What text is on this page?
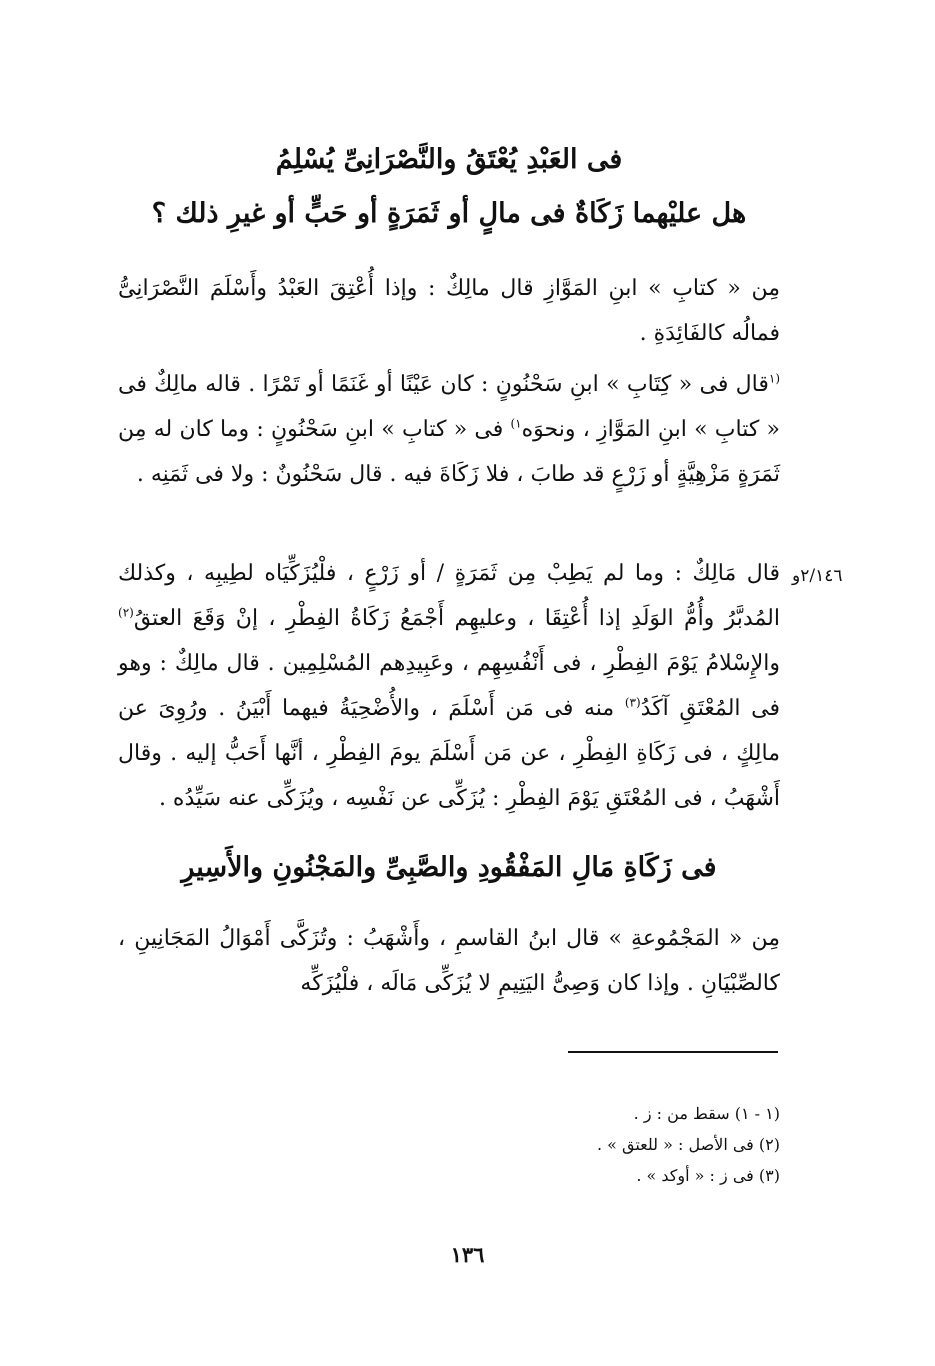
فى العَبْدِ يُعْتَقُ والنَّصْرَانِىِّ يُسْلِمُ
هل عليْهما زَكَاةٌ فى مالٍ أو ثَمَرَةٍ أو حَبٍّ أو غيرِ ذلك ؟
مِن « كتابِ » ابنِ المَوَّازِ قال مالِكٌ : وإذا أُعْتِقَ العَبْدُ وأَسْلَمَ النَّصْرَانِىُّ فمالُه كالفَائِدَةِ .
$^{(١}$قال فى « كِتَابِ » ابنِ سَحْنُونٍ : كان عَيْنًا أو غَنَمًا أو تَمْرًا . قاله مالِكٌ فى « كتابِ » ابنِ المَوَّازِ ، ونحوَه$^{١)}$ فى « كتابِ » ابنِ سَحْنُونٍ : وما كان له مِن ثَمَرَةٍ مَزْهِيَّةٍ أو زَرْعٍ قد طابَ ، فلا زَكَاةَ فيه . قال سَحْنُونٌ : ولا فى ثَمَنِه .
٢/١٤٦و
قال مَالِكٌ : وما لم يَطِبْ مِن ثَمَرَةٍ / أو زَرْعٍ ، فلْيُزَكِّيَاه لطِيبِه ، وكذلك المُدبَّرُ وأُمُّ الوَلَدِ إذا أُعْتِقَا ، وعليهِم أَجْمَعُ زَكَاةُ الفِطْرِ ، إنْ وَقَعَ العتقُ$^{(٢)}$ والإِسْلامُ يَوْمَ الفِطْرِ ، فى أَنْفُسِهِم ، وعَبِيدِهم المُسْلِمِين . قال مالِكٌ : وهو فى المُعْتَقِ آكَدُ$^{(٣)}$ منه فى مَن أَسْلَمَ ، والأُضْحِيَةُ فيهما أَبْيَنُ . ورُوِىَ عن مالِكٍ ، فى زَكَاةِ الفِطْرِ ، عن مَن أَسْلَمَ يومَ الفِطْرِ ، أنَّها أَحَبُّ إليه . وقال أَشْهَبُ ، فى المُعْتَقِ يَوْمَ الفِطْرِ : يُزَكِّى عن نَفْسِه ، ويُزَكِّى عنه سَيِّدُه .
فى زَكَاةِ مَالِ المَفْقُودِ والصَّبِىِّ والمَجْنُونِ والأَسِيرِ
مِن « المَجْمُوعةِ » قال ابنُ القاسمِ ، وأَشْهَبُ : وتُزَكَّى أَمْوَالُ المَجَانِينِ ، كالصِّبْيَانِ . وإذا كان وَصِىُّ اليَتِيمِ لا يُزَكِّى مَالَه ، فلْيُزَكِّه
(١ - ١) سقط من : ز .
(٢) فى الأصل : « للعتق » .
(٣) فى ز : « أوكد » .
١٣٦
